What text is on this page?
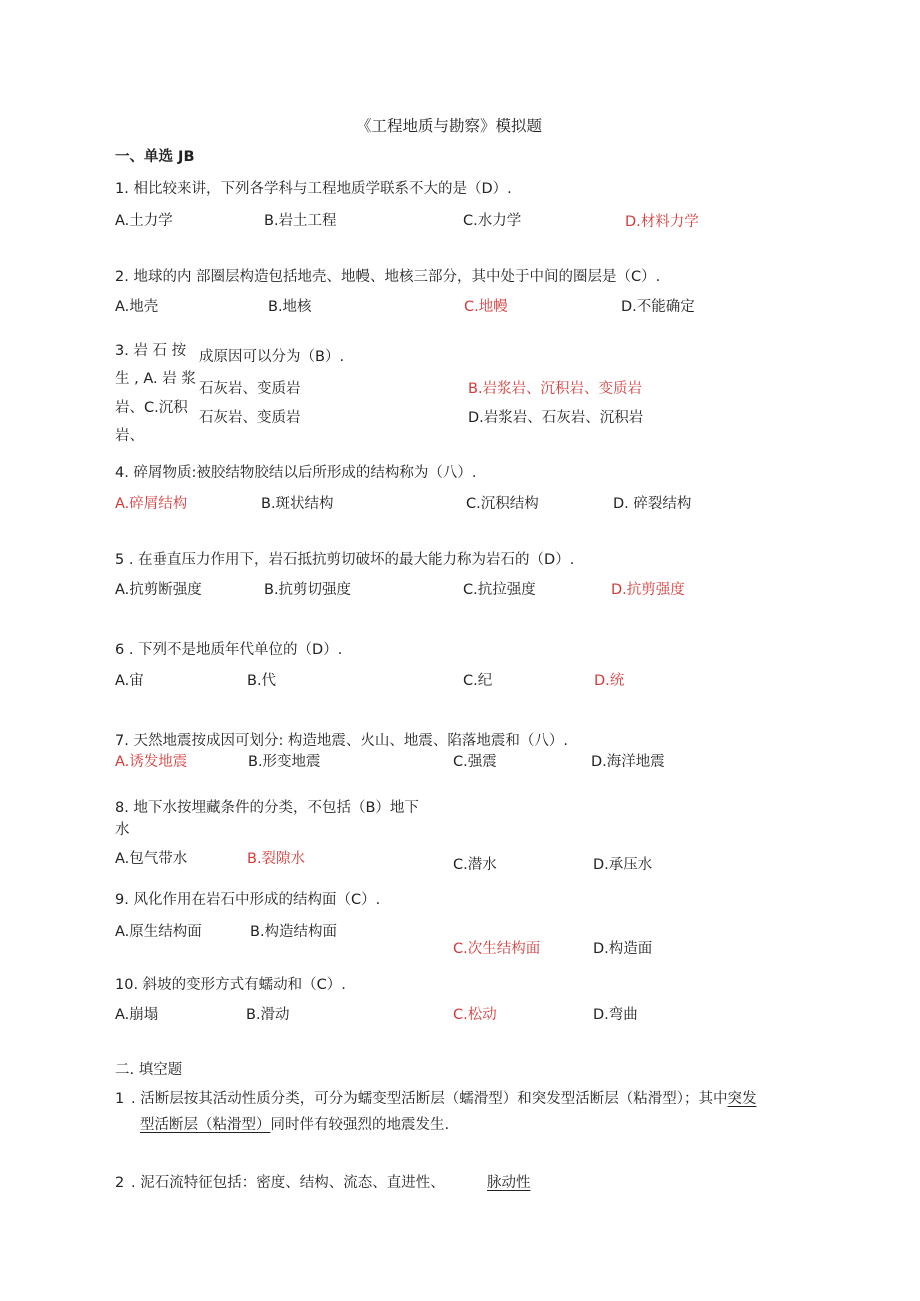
《工程地质与勘察》模拟题
一、单选 JB
1. 相比较来讲，下列各学科与工程地质学联系不大的是（D）.
A.土力学	B.岩土工程	C.水力学	D.材料力学
2. 地球的内 部圈层构造包括地壳、地幔、地核三部分，其中处于中间的圈层是（C）.
A.地壳	B.地核	C.地幔	D.不能确定
3. 岩 石 按 成原因可以分为（B）.
生 , A. 岩 浆
石灰岩、变质岩	B.岩浆岩、沉积岩、变质岩
岩、C.沉积
石灰岩、变质岩	D.岩浆岩、石灰岩、沉积岩
岩、
4. 碎屑物质:被胶结物胶结以后所形成的结构称为（八）.
A.碎屑结构	B.斑状结构	C.沉积结构	D. 碎裂结构
5 . 在垂直压力作用下，岩石抵抗剪切破坏的最大能力称为岩石的（D）.
A.抗剪断强度	B.抗剪切强度	C.抗拉强度	D.抗剪强度
6 . 下列不是地质年代单位的（D）.
A.宙	B.代	C.纪	D.统
7. 天然地震按成因可划分: 构造地震、火山、地震、陷落地震和（八）.
A.诱发地震	B.形变地震	C.强震	D.海洋地震
8. 地下水按埋藏条件的分类，不包括（B）地下
水
A.包气带水	B.裂隙水	C.潜水	D.承压水
9. 风化作用在岩石中形成的结构面（C）.
A.原生结构面	B.构造结构面
C.次生结构面	D.构造面
10. 斜坡的变形方式有蠕动和（C）.
A.崩塌	B.滑动	C.松动	D.弯曲
二. 填空题
1 . 活断层按其活动性质分类，可分为蠕变型活断层（蠕滑型）和突发型活断层（粘滑型）；其中突发
型活断层（粘滑型）同时伴有较强烈的地震发生.
2 . 泥石流特征包括：密度、结构、流态、直进性、	脉动性
